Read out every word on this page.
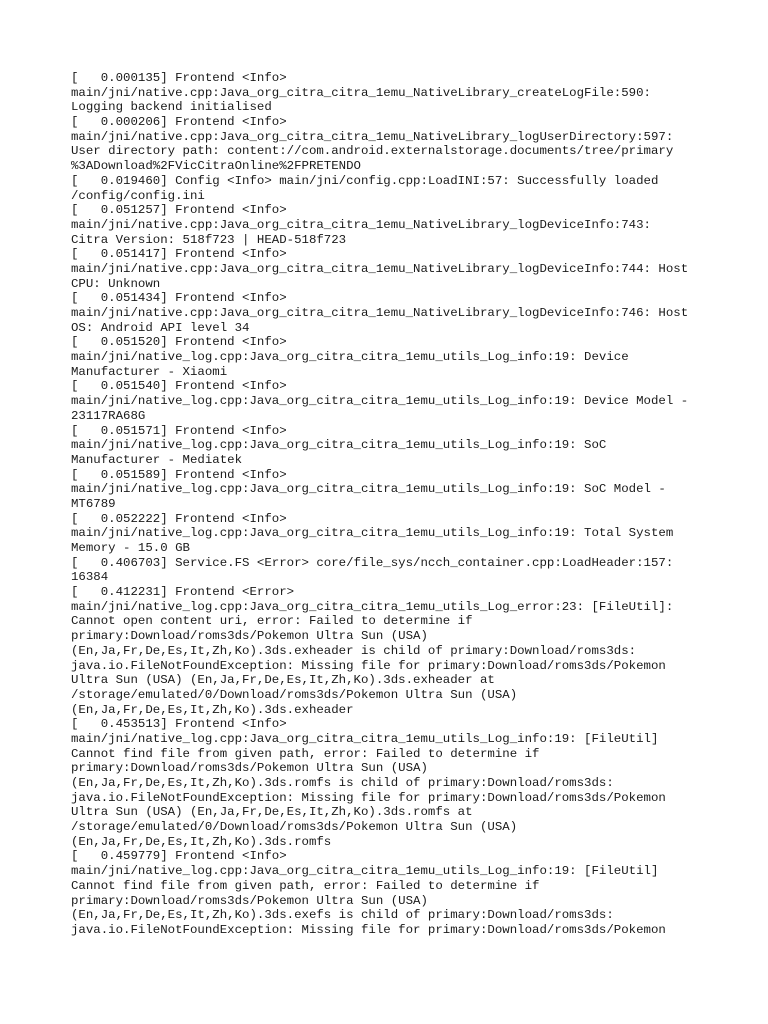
[   0.000135] Frontend <Info>
main/jni/native.cpp:Java_org_citra_citra_1emu_NativeLibrary_createLogFile:590:
Logging backend initialised
[   0.000206] Frontend <Info>
main/jni/native.cpp:Java_org_citra_citra_1emu_NativeLibrary_logUserDirectory:597:
User directory path: content://com.android.externalstorage.documents/tree/primary
%3ADownload%2FVicCitraOnline%2FPRETENDO
[   0.019460] Config <Info> main/jni/config.cpp:LoadINI:57: Successfully loaded
/config/config.ini
[   0.051257] Frontend <Info>
main/jni/native.cpp:Java_org_citra_citra_1emu_NativeLibrary_logDeviceInfo:743:
Citra Version: 518f723 | HEAD-518f723
[   0.051417] Frontend <Info>
main/jni/native.cpp:Java_org_citra_citra_1emu_NativeLibrary_logDeviceInfo:744: Host
CPU: Unknown
[   0.051434] Frontend <Info>
main/jni/native.cpp:Java_org_citra_citra_1emu_NativeLibrary_logDeviceInfo:746: Host
OS: Android API level 34
[   0.051520] Frontend <Info>
main/jni/native_log.cpp:Java_org_citra_citra_1emu_utils_Log_info:19: Device
Manufacturer - Xiaomi
[   0.051540] Frontend <Info>
main/jni/native_log.cpp:Java_org_citra_citra_1emu_utils_Log_info:19: Device Model -
23117RA68G
[   0.051571] Frontend <Info>
main/jni/native_log.cpp:Java_org_citra_citra_1emu_utils_Log_info:19: SoC
Manufacturer - Mediatek
[   0.051589] Frontend <Info>
main/jni/native_log.cpp:Java_org_citra_citra_1emu_utils_Log_info:19: SoC Model -
MT6789
[   0.052222] Frontend <Info>
main/jni/native_log.cpp:Java_org_citra_citra_1emu_utils_Log_info:19: Total System
Memory - 15.0 GB
[   0.406703] Service.FS <Error> core/file_sys/ncch_container.cpp:LoadHeader:157:
16384
[   0.412231] Frontend <Error>
main/jni/native_log.cpp:Java_org_citra_citra_1emu_utils_Log_error:23: [FileUtil]:
Cannot open content uri, error: Failed to determine if
primary:Download/roms3ds/Pokemon Ultra Sun (USA)
(En,Ja,Fr,De,Es,It,Zh,Ko).3ds.exheader is child of primary:Download/roms3ds:
java.io.FileNotFoundException: Missing file for primary:Download/roms3ds/Pokemon
Ultra Sun (USA) (En,Ja,Fr,De,Es,It,Zh,Ko).3ds.exheader at
/storage/emulated/0/Download/roms3ds/Pokemon Ultra Sun (USA)
(En,Ja,Fr,De,Es,It,Zh,Ko).3ds.exheader
[   0.453513] Frontend <Info>
main/jni/native_log.cpp:Java_org_citra_citra_1emu_utils_Log_info:19: [FileUtil]
Cannot find file from given path, error: Failed to determine if
primary:Download/roms3ds/Pokemon Ultra Sun (USA)
(En,Ja,Fr,De,Es,It,Zh,Ko).3ds.romfs is child of primary:Download/roms3ds:
java.io.FileNotFoundException: Missing file for primary:Download/roms3ds/Pokemon
Ultra Sun (USA) (En,Ja,Fr,De,Es,It,Zh,Ko).3ds.romfs at
/storage/emulated/0/Download/roms3ds/Pokemon Ultra Sun (USA)
(En,Ja,Fr,De,Es,It,Zh,Ko).3ds.romfs
[   0.459779] Frontend <Info>
main/jni/native_log.cpp:Java_org_citra_citra_1emu_utils_Log_info:19: [FileUtil]
Cannot find file from given path, error: Failed to determine if
primary:Download/roms3ds/Pokemon Ultra Sun (USA)
(En,Ja,Fr,De,Es,It,Zh,Ko).3ds.exefs is child of primary:Download/roms3ds:
java.io.FileNotFoundException: Missing file for primary:Download/roms3ds/Pokemon
